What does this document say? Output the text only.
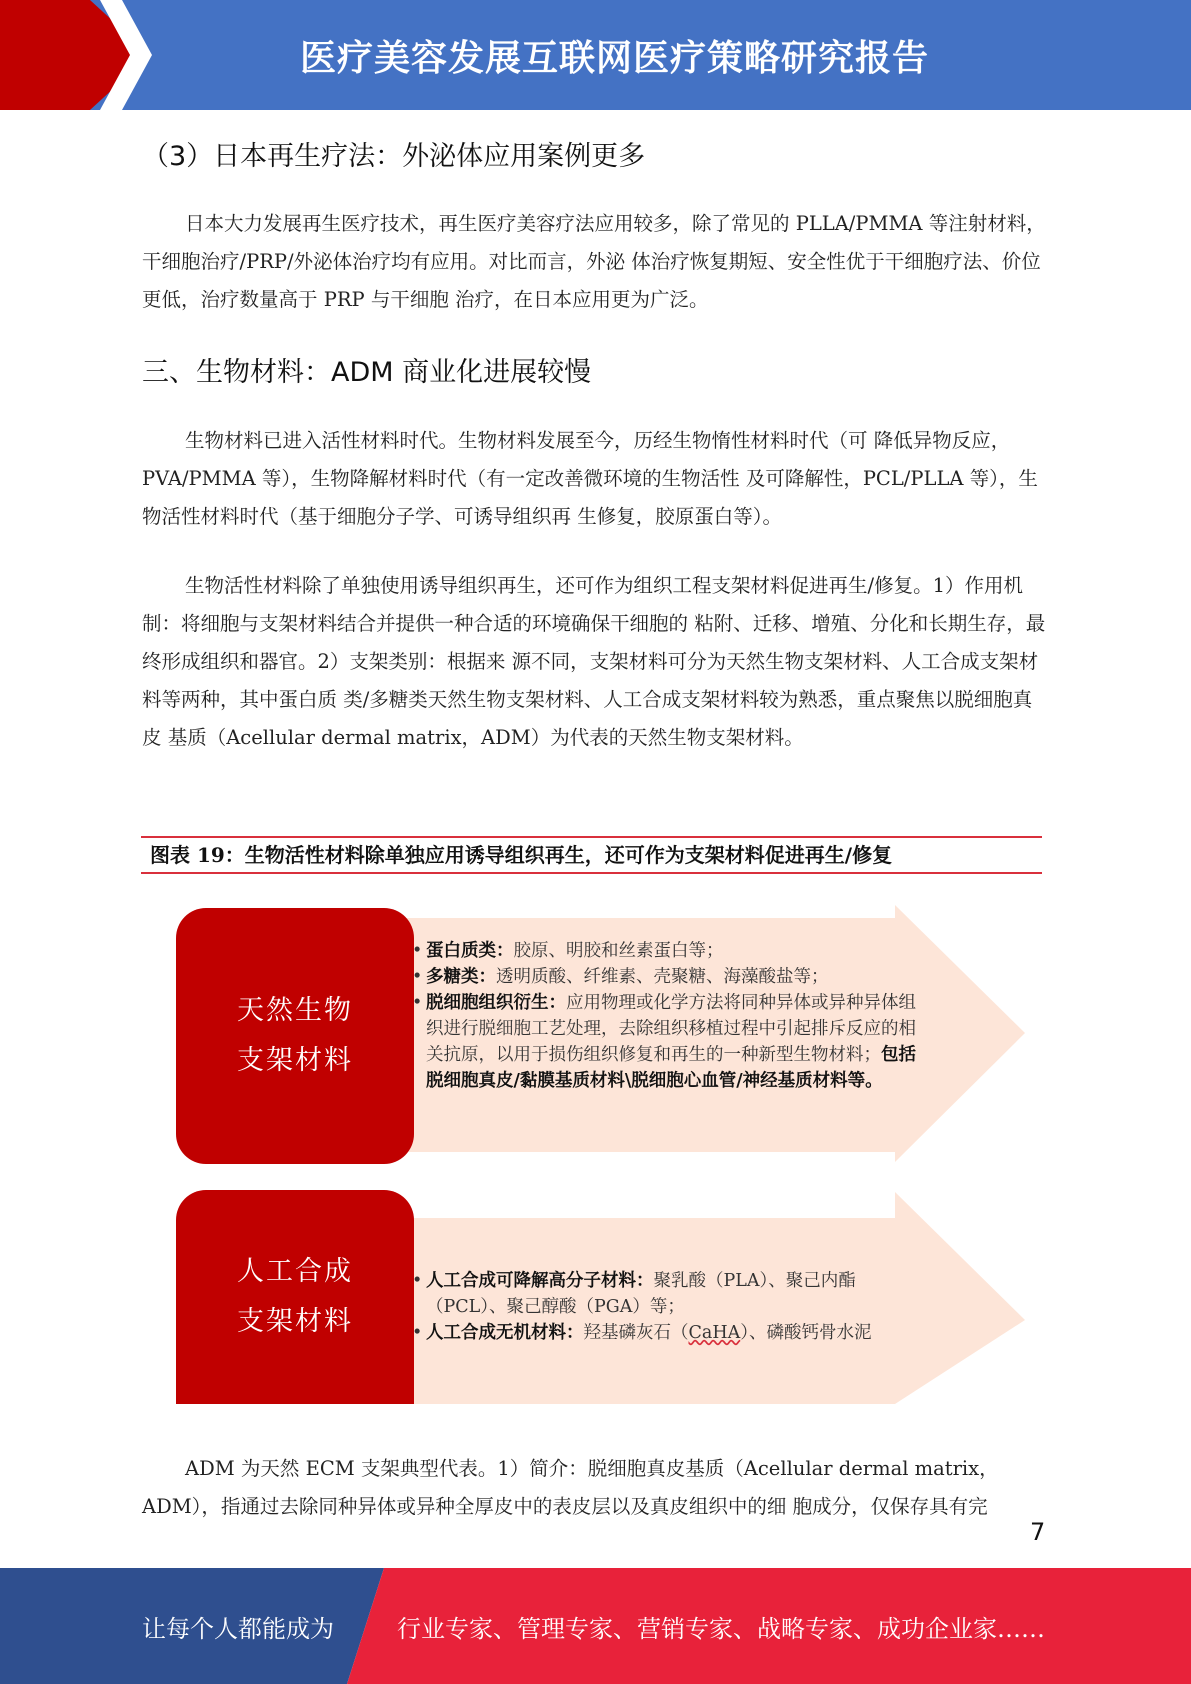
医疗美容发展互联网医疗策略研究报告
（3）日本再生疗法：外泌体应用案例更多

日本大力发展再生医疗技术，再生医疗美容疗法应用较多，除了常见的 PLLA/PMMA 等注射材料，干细胞治疗/PRP/外泌体治疗均有应用。对比而言，外泌 体治疗恢复期短、安全性优于干细胞疗法、价位更低，治疗数量高于 PRP 与干细胞 治疗，在日本应用更为广泛。

三、生物材料：ADM 商业化进展较慢

生物材料已进入活性材料时代。生物材料发展至今，历经生物惰性材料时代（可 降低异物反应，PVA/PMMA 等），生物降解材料时代（有一定改善微环境的生物活性 及可降解性，PCL/PLLA 等），生物活性材料时代（基于细胞分子学、可诱导组织再 生修复，胶原蛋白等）。

生物活性材料除了单独使用诱导组织再生，还可作为组织工程支架材料促进再生/修复。1）作用机制：将细胞与支架材料结合并提供一种合适的环境确保干细胞的 粘附、迁移、增殖、分化和长期生存，最终形成组织和器官。2）支架类别：根据来 源不同，支架材料可分为天然生物支架材料、人工合成支架材料等两种，其中蛋白质 类/多糖类天然生物支架材料、人工合成支架材料较为熟悉，重点聚焦以脱细胞真皮 基质（Acellular dermal matrix，ADM）为代表的天然生物支架材料。

图表 19：生物活性材料除单独应用诱导组织再生，还可作为支架材料促进再生/修复
天然生物
支架材料
• 蛋白质类：胶原、明胶和丝素蛋白等；
• 多糖类：透明质酸、纤维素、壳聚糖、海藻酸盐等；
• 脱细胞组织衍生：应用物理或化学方法将同种异体或异种异体组织进行脱细胞工艺处理，去除组织移植过程中引起排斥反应的相关抗原，以用于损伤组织修复和再生的一种新型生物材料；包括脱细胞真皮/黏膜基质材料\脱细胞心血管/神经基质材料等。
人工合成
支架材料
• 人工合成可降解高分子材料：聚乳酸（PLA）、聚己内酯（PCL）、聚己醇酸（PGA）等；
• 人工合成无机材料：羟基磷灰石（CaHA）、磷酸钙骨水泥

ADM 为天然 ECM 支架典型代表。1）简介：脱细胞真皮基质（Acellular dermal matrix，ADM），指通过去除同种异体或异种全厚皮中的表皮层以及真皮组织中的细 胞成分，仅保存具有完

7
让每个人都能成为	行业专家、管理专家、营销专家、战略专家、成功企业家……
